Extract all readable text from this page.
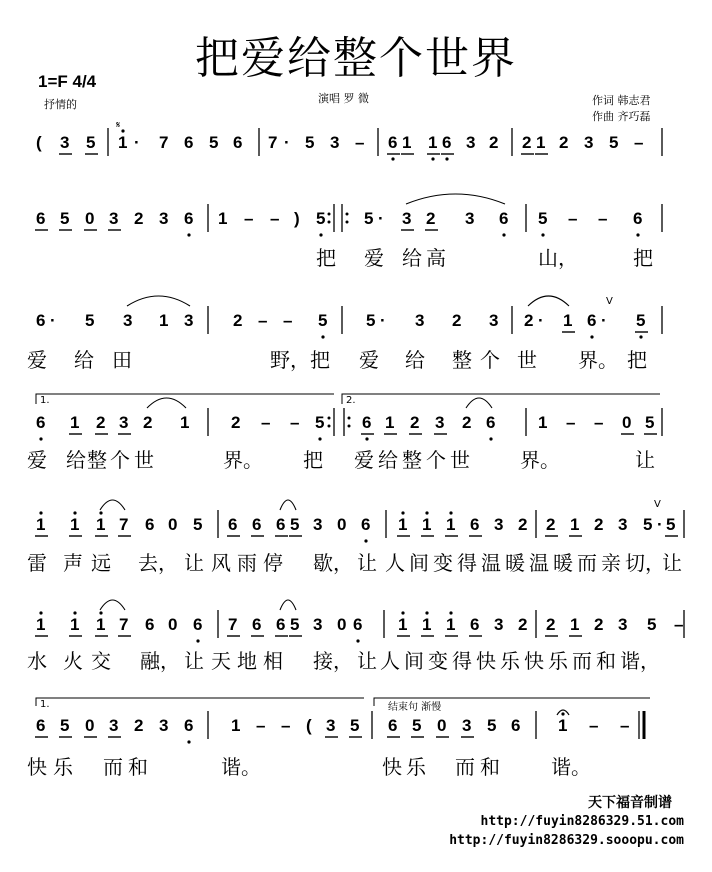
把爱给整个世界
1=F 4/4
抒情的	演唱 罗 微	作词 韩志君
作曲 齐巧磊
( 3 5 1 · 7 6 5 6 7 · 5 3 – 6 1 1 6 3 2 2 1 2 3 5 –
6 5 0 3 2 3 6 1 – – ) 5 5 · 3 2 3 6 5 – – 6
把 爱 给 高	山，	把
6 · 5 3 1 3 2 – – 5 5 · 3 2 3 2 · 1 6 · 5
爱 给 田	野， 把 爱 给 整 个 世 界。 把
6 1 2 3 2 1 2 – – 5 6 1 2 3 2 6	1 – – 0 5
爱 给 整 个 世	界。 把 爱 给 整 个 世	界。	让
1 1 1 7 6 0 5 6 6 6 5 3 0 6 1 1 1 6 3 2 2 1 2 3 5 · 5
雷 声 远 去， 让 风 雨 停 歇， 让 人 间 变 得 温 暖 温 暖 而 亲 切，
让
1 1 1 7 6 0 6 7 6 6 5 3 0 6 1 1 1 6 3 2 2 1 2 3 5 –
水 火 交 融， 让 天 地 相 接， 让 人 间 变 得 快 乐 快 乐 而 和 谐，
6 5 0 3 2 3 6 1 – – ( 3 5 6 5 0 3 5 6 1 – –
快 乐 而 和	谐。	快 乐 而 和	谐。
𝄋
V
V
1.	2.
1.	结束句 渐慢
天下福音制谱
http://fuyin8286329.51.com
http://fuyin8286329.sooopu.com
